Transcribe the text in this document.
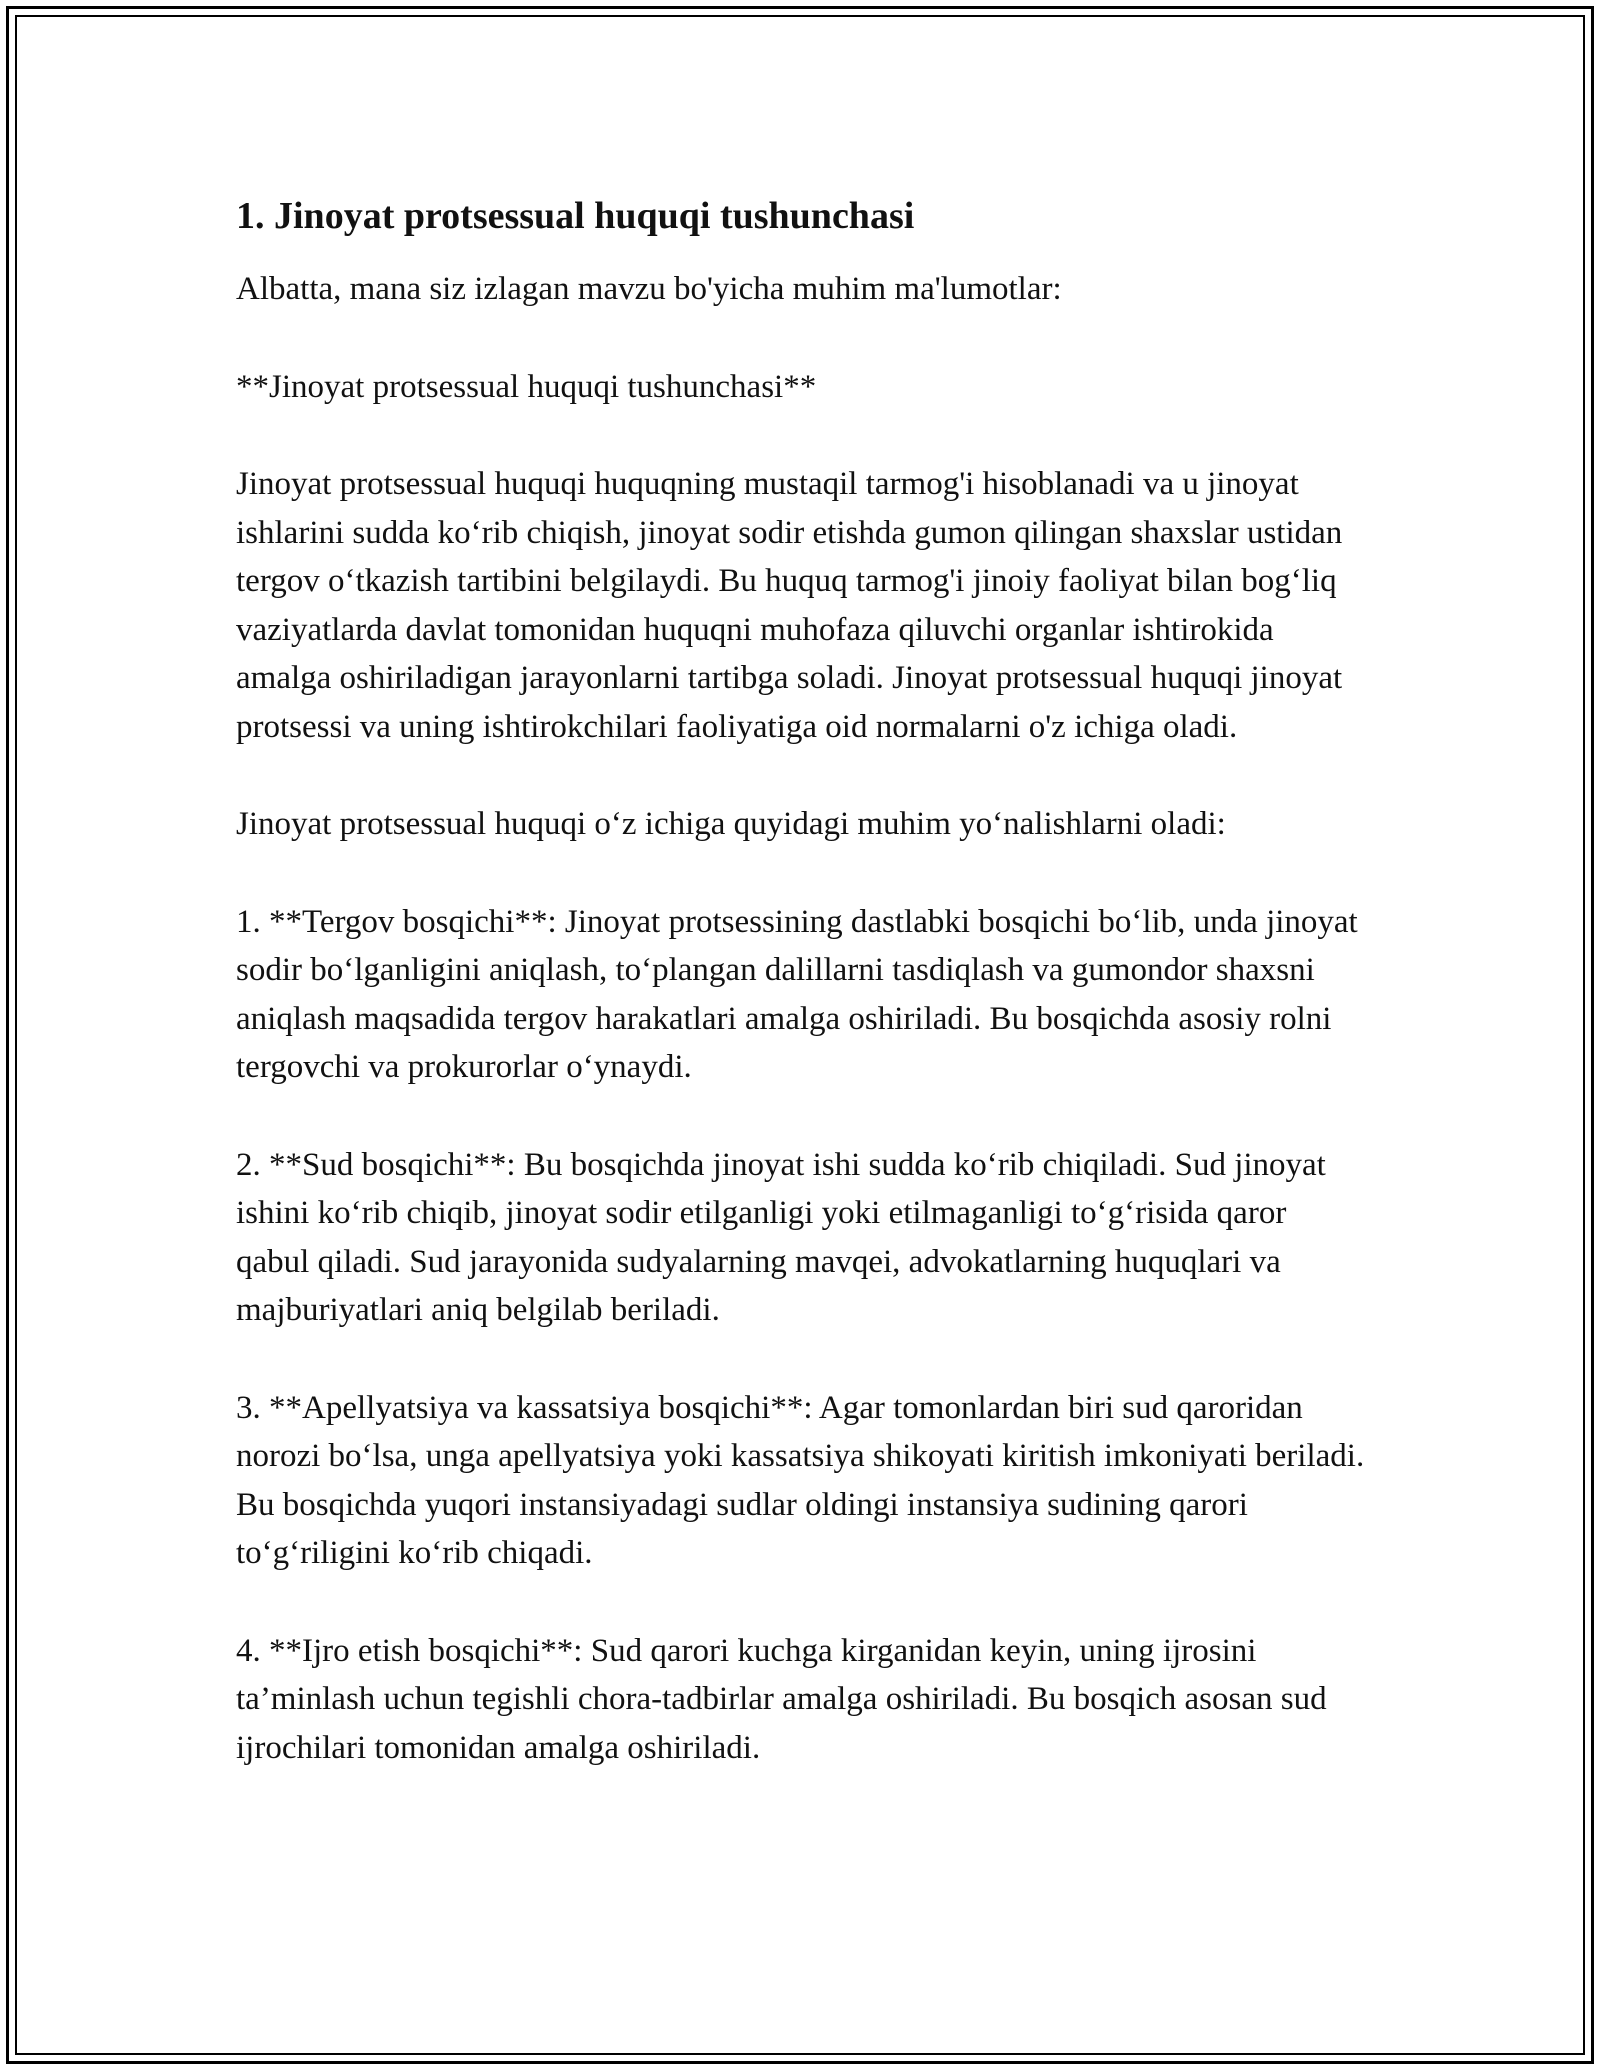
1. Jinoyat protsessual huquqi tushunchasi

Albatta, mana siz izlagan mavzu bo'yicha muhim ma'lumotlar:

**Jinoyat protsessual huquqi tushunchasi**

Jinoyat protsessual huquqi huquqning mustaqil tarmog'i hisoblanadi va u jinoyat ishlarini sudda ko‘rib chiqish, jinoyat sodir etishda gumon qilingan shaxslar ustidan tergov o‘tkazish tartibini belgilaydi. Bu huquq tarmog'i jinoiy faoliyat bilan bog‘liq vaziyatlarda davlat tomonidan huquqni muhofaza qiluvchi organlar ishtirokida amalga oshiriladigan jarayonlarni tartibga soladi. Jinoyat protsessual huquqi jinoyat protsessi va uning ishtirokchilari faoliyatiga oid normalarni o'z ichiga oladi.

Jinoyat protsessual huquqi o‘z ichiga quyidagi muhim yo‘nalishlarni oladi:

1. **Tergov bosqichi**: Jinoyat protsessining dastlabki bosqichi bo‘lib, unda jinoyat sodir bo‘lganligini aniqlash, to‘plangan dalillarni tasdiqlash va gumondor shaxsni aniqlash maqsadida tergov harakatlari amalga oshiriladi. Bu bosqichda asosiy rolni tergovchi va prokurorlar o‘ynaydi.

2. **Sud bosqichi**: Bu bosqichda jinoyat ishi sudda ko‘rib chiqiladi. Sud jinoyat ishini ko‘rib chiqib, jinoyat sodir etilganligi yoki etilmaganligi to‘g‘risida qaror qabul qiladi. Sud jarayonida sudyalarning mavqei, advokatlarning huquqlari va majburiyatlari aniq belgilab beriladi.

3. **Apellyatsiya va kassatsiya bosqichi**: Agar tomonlardan biri sud qaroridan norozi bo‘lsa, unga apellyatsiya yoki kassatsiya shikoyati kiritish imkoniyati beriladi. Bu bosqichda yuqori instansiyadagi sudlar oldingi instansiya sudining qarori to‘g‘riligini ko‘rib chiqadi.

4. **Ijro etish bosqichi**: Sud qarori kuchga kirganidan keyin, uning ijrosini ta’minlash uchun tegishli chora-tadbirlar amalga oshiriladi. Bu bosqich asosan sud ijrochilari tomonidan amalga oshiriladi.
